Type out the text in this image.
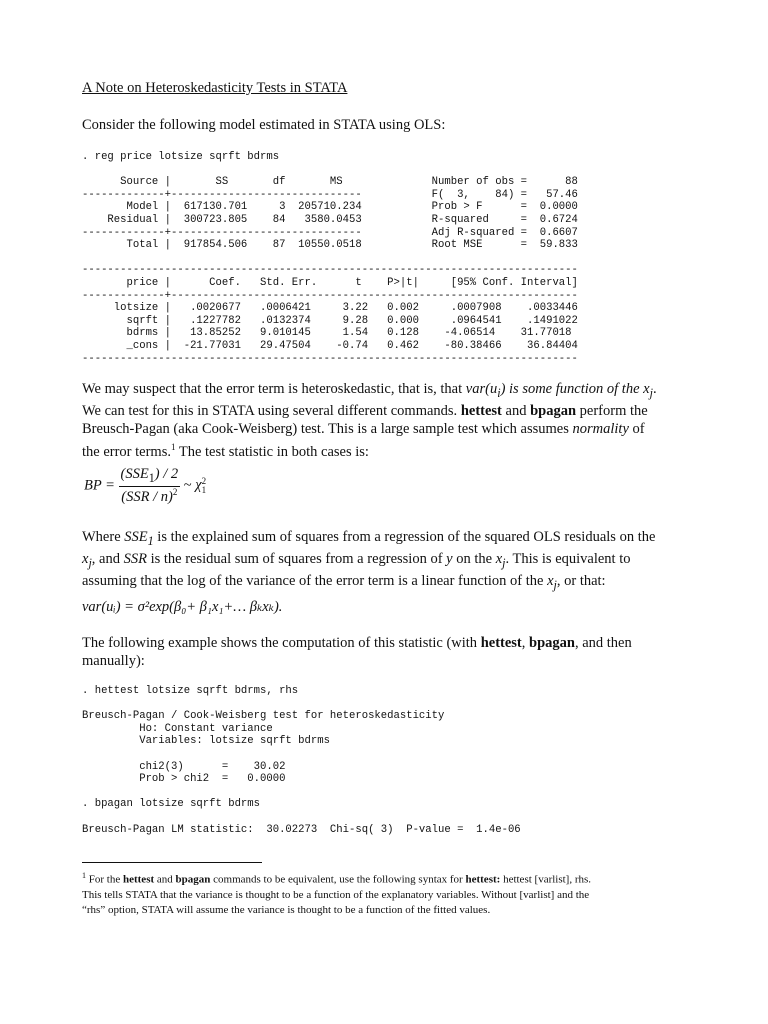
A Note on Heteroskedasticity Tests in STATA
Consider the following model estimated in STATA using OLS:
. reg price lotsize sqrft bdrms

Source |       SS       df       MS              Number of obs =      88
-------------+------------------------------           F(  3,    84) =   57.46
Model |  617130.701     3  205710.234           Prob > F      =  0.0000
Residual |  300723.805    84   3580.0453           R-squared     =  0.6724
-------------+------------------------------           Adj R-squared =  0.6607
Total |  917854.506    87  10550.0518           Root MSE      =  59.833

------------------------------------------------------------------------------
price |      Coef.   Std. Err.      t    P>|t|     [95% Conf. Interval]
-------------+----------------------------------------------------------------
lotsize |   .0020677   .0006421     3.22   0.002     .0007908    .0033446
sqrft |   .1227782   .0132374     9.28   0.000     .0964541    .1491022
bdrms |   13.85252   9.010145     1.54   0.128    -4.06514    31.77018
_cons |  -21.77031   29.47504    -0.74   0.462    -80.38466    36.84404
------------------------------------------------------------------------------
We may suspect that the error term is heteroskedastic, that is, that $var(u_i)$ is some function of the $x_j$.
We can test for this in STATA using several different commands. hettest and bpagan perform the
Breusch-Pagan (aka Cook-Weisberg) test. This is a large sample test which assumes normality of
the error terms.$^1$ The test statistic in both cases is:
BP = $\frac{(SSE_1) / 2}{(SSR / n)^2}$ ~ χ 2
1
Where $SSE_1$ is the explained sum of squares from a regression of the squared OLS residuals on the
$x_j$, and SSR is the residual sum of squares from a regression of y on the $x_j$. This is equivalent to
assuming that the log of the variance of the error term is a linear function of the $x_j$, or that:
var(uᵢ) = σ²exp(β₀+ β₁x₁+… βₖxₖ).
The following example shows the computation of this statistic (with hettest, bpagan, and then
manually):
. hettest lotsize sqrft bdrms, rhs

Breusch-Pagan / Cook-Weisberg test for heteroskedasticity
Ho: Constant variance
Variables: lotsize sqrft bdrms

chi2(3)      =    30.02
Prob > chi2  =   0.0000

. bpagan lotsize sqrft bdrms

Breusch-Pagan LM statistic:  30.02273  Chi-sq( 3)  P-value =  1.4e-06
$^1$ For the hettest and bpagan commands to be equivalent, use the following syntax for hettest: hettest [varlist], rhs.
This tells STATA that the variance is thought to be a function of the explanatory variables. Without [varlist] and the
“rhs” option, STATA will assume the variance is thought to be a function of the fitted values.
